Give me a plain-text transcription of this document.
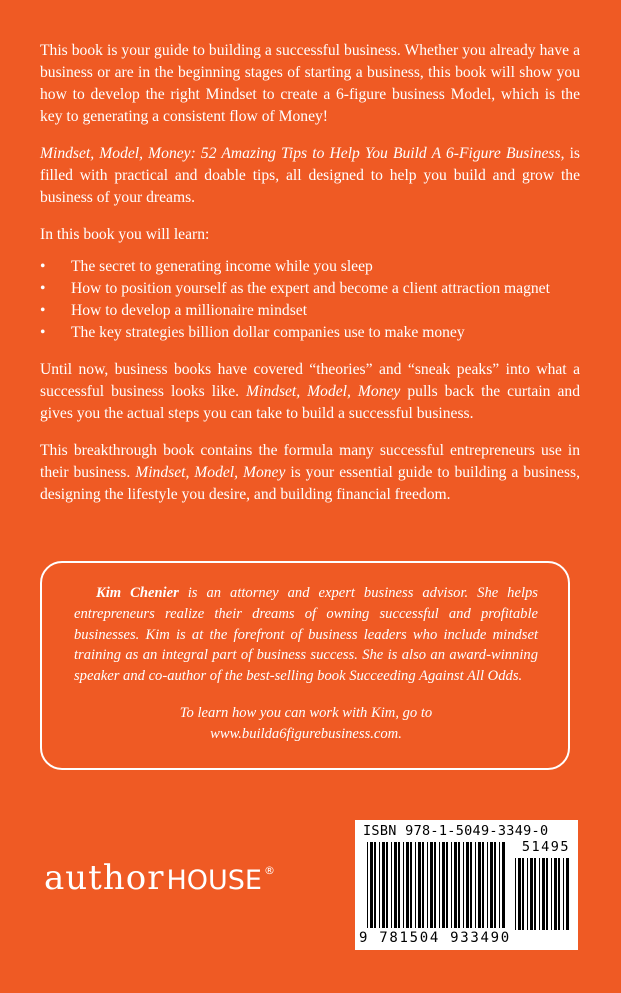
This book is your guide to building a successful business. Whether you already have a business or are in the beginning stages of starting a business, this book will show you how to develop the right Mindset to create a 6-figure business Model, which is the key to generating a consistent flow of Money!

Mindset, Model, Money: 52 Amazing Tips to Help You Build A 6-Figure Business, is filled with practical and doable tips, all designed to help you build and grow the business of your dreams.

In this book you will learn:

• The secret to generating income while you sleep
• How to position yourself as the expert and become a client attraction magnet
• How to develop a millionaire mindset
• The key strategies billion dollar companies use to make money

Until now, business books have covered “theories” and “sneak peaks” into what a successful business looks like. Mindset, Model, Money pulls back the curtain and gives you the actual steps you can take to build a successful business.

This breakthrough book contains the formula many successful entrepreneurs use in their business. Mindset, Model, Money is your essential guide to building a business, designing the lifestyle you desire, and building financial freedom.

Kim Chenier is an attorney and expert business advisor. She helps entrepreneurs realize their dreams of owning successful and profitable businesses. Kim is at the forefront of business leaders who include mindset training as an integral part of business success. She is also an award-winning speaker and co-author of the best-selling book Succeeding Against All Odds.

To learn how you can work with Kim, go to
www.builda6figurebusiness.com.
author HOUSE ®
ISBN 978-1-5049-3349-0
51495
9 781504 933490
